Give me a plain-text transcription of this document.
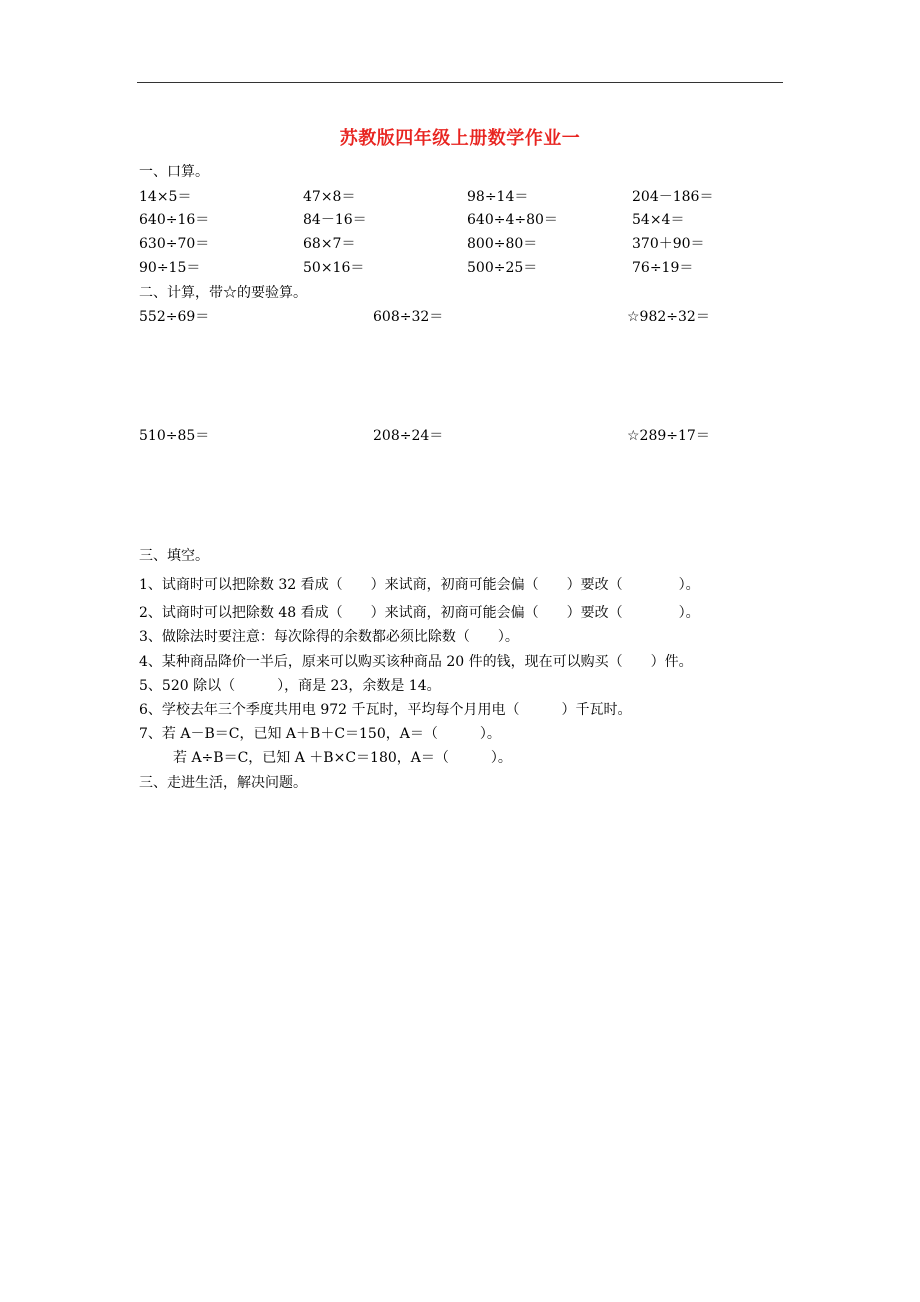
苏教版四年级上册数学作业一
一、口算。
14×5＝	47×8＝	98÷14＝	204－186＝
640÷16＝	84－16＝	640÷4÷80＝	54×4＝
630÷70＝	68×7＝	800÷80＝	370＋90＝
90÷15＝	50×16＝	500÷25＝	76÷19＝
二、计算，带☆的要验算。
552÷69＝	608÷32＝	☆982÷32＝
510÷85＝	208÷24＝	☆289÷17＝
三、填空。
1、试商时可以把除数 32 看成（　　）来试商，初商可能会偏（　　）要改（　　　　）。
2、试商时可以把除数 48 看成（　　）来试商，初商可能会偏（　　）要改（　　　　）。
3、做除法时要注意：每次除得的余数都必须比除数（　　）。
4、某种商品降价一半后，原来可以购买该种商品 20 件的钱，现在可以购买（　　）件。
5、520 除以（　　　），商是 23，余数是 14。
6、学校去年三个季度共用电 972 千瓦时，平均每个月用电（　　　）千瓦时。
7、若 A－B＝C，已知 A＋B＋C＝150，A＝（　　　）。
若 A÷B＝C，已知 A ＋B×C＝180，A＝（　　　）。
三、走进生活，解决问题。
